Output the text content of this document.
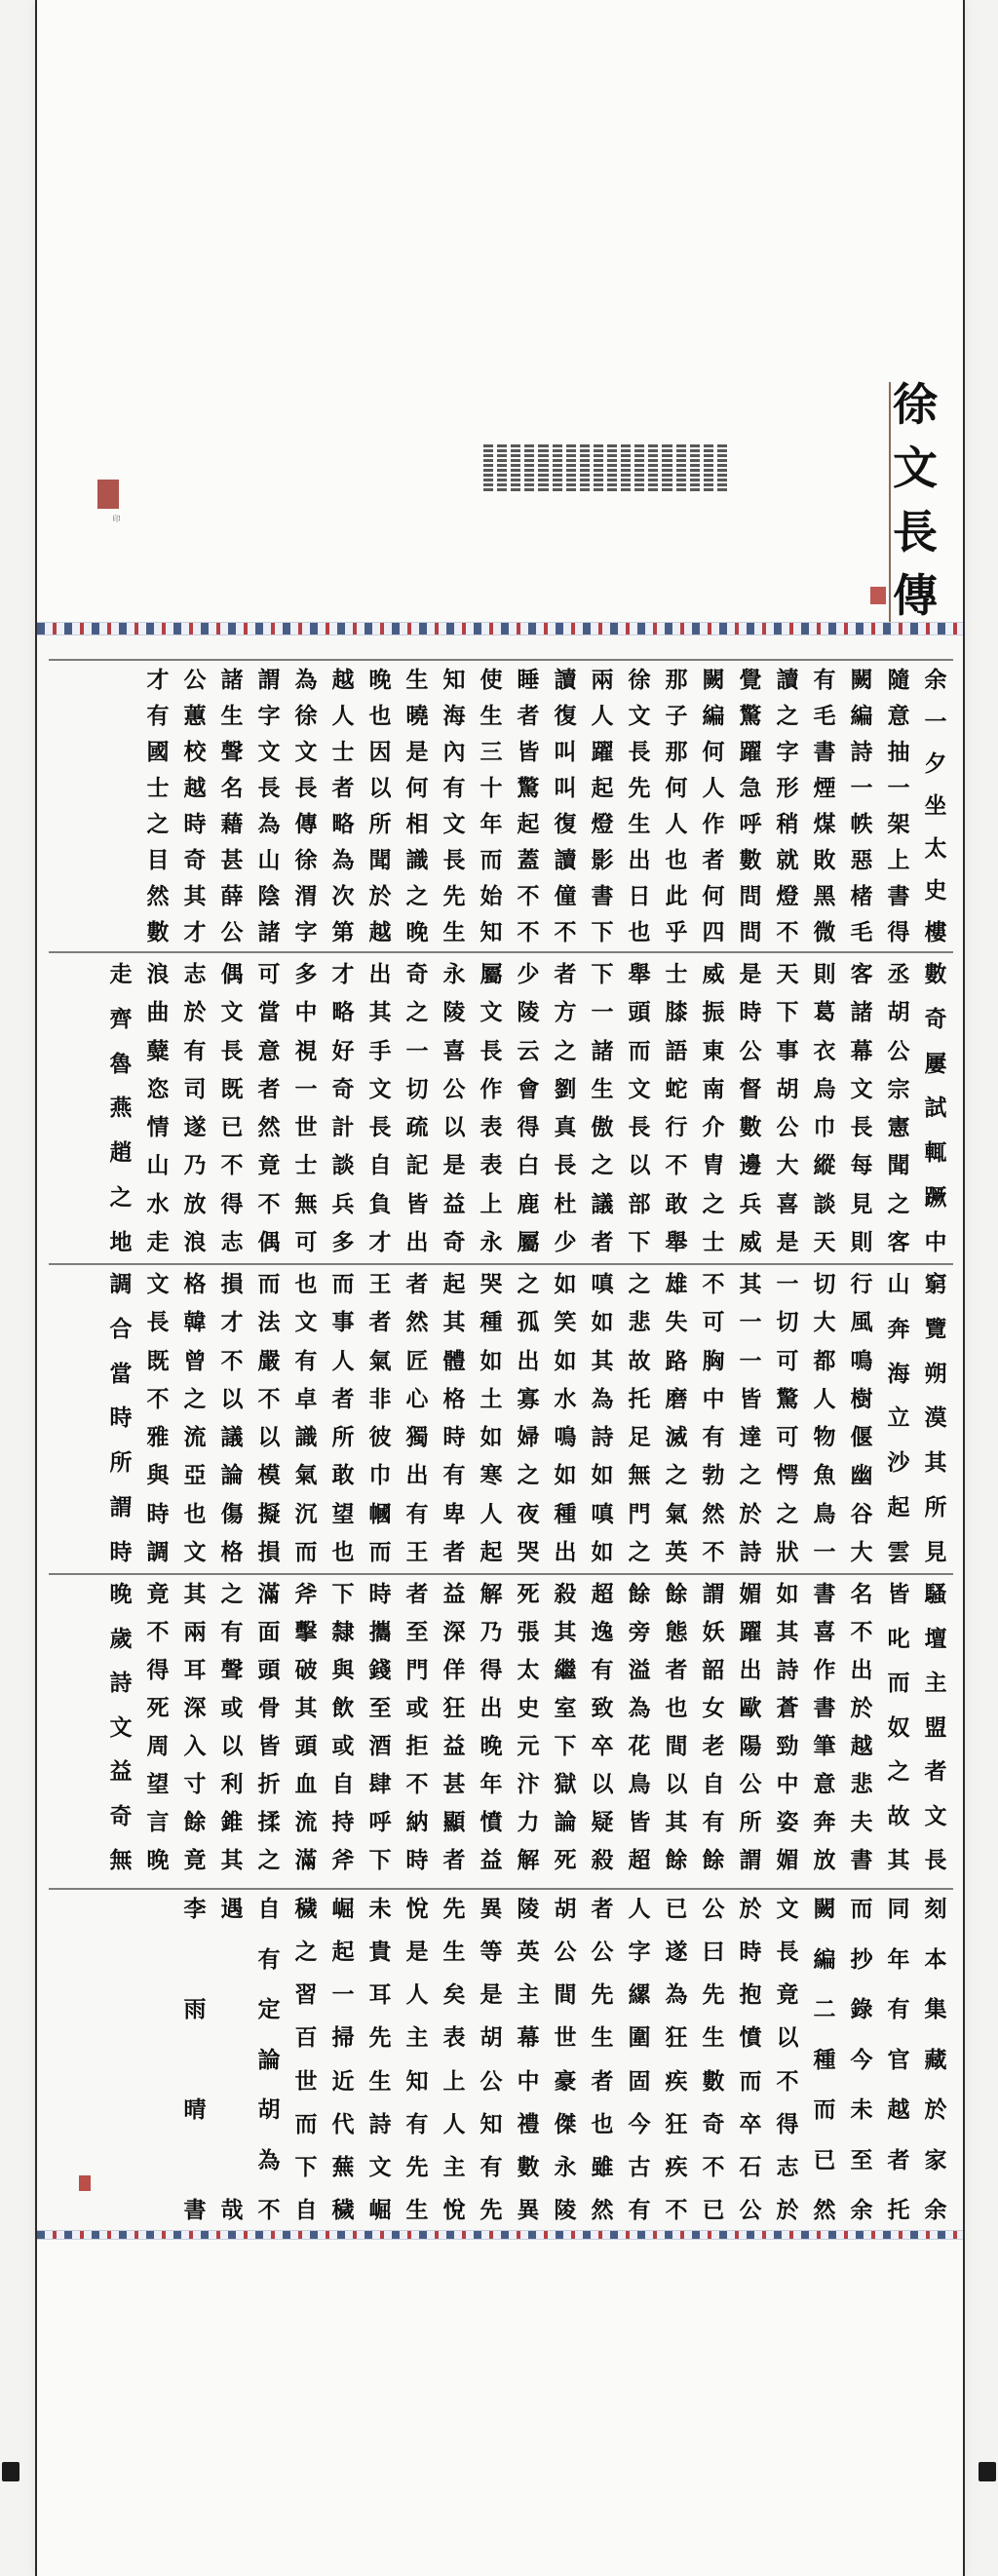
印
徐
文
長
傳
余
一
夕
坐
太
史
樓
隨
意
抽
一
架
上
書
得
闕
編
詩
一
帙
惡
楮
毛
有
毛
書
煙
煤
敗
黑
微
讀
之
字
形
稍
就
燈
不
覺
驚
躍
急
呼
數
問
問
闕
編
何
人
作
者
何
四
那
子
那
何
人
也
此
乎
徐
文
長
先
生
出
日
也
兩
人
躍
起
燈
影
書
下
讀
復
叫
叫
復
讀
僮
不
睡
者
皆
驚
起
蓋
不
不
使
生
三
十
年
而
始
知
知
海
內
有
文
長
先
生
生
曉
是
何
相
識
之
晚
晚
也
因
以
所
聞
於
越
越
人
士
者
略
為
次
第
為
徐
文
長
傳
徐
渭
字
謂
字
文
長
為
山
陰
諸
諸
生
聲
名
藉
甚
薛
公
公
蕙
校
越
時
奇
其
才
才
有
國
士
之
目
然
數
數
奇
屢
試
輒
蹶
中
丞
胡
公
宗
憲
聞
之
客
客
諸
幕
文
長
每
見
則
則
葛
衣
烏
巾
縱
談
天
天
下
事
胡
公
大
喜
是
是
時
公
督
數
邊
兵
威
威
振
東
南
介
胄
之
士
士
膝
語
蛇
行
不
敢
舉
舉
頭
而
文
長
以
部
下
下
一
諸
生
傲
之
議
者
者
方
之
劉
真
長
杜
少
少
陵
云
會
得
白
鹿
屬
屬
文
長
作
表
表
上
永
永
陵
喜
公
以
是
益
奇
奇
之
一
切
疏
記
皆
出
出
其
手
文
長
自
負
才
才
略
好
奇
計
談
兵
多
多
中
視
一
世
士
無
可
可
當
意
者
然
竟
不
偶
偶
文
長
既
已
不
得
志
志
於
有
司
遂
乃
放
浪
浪
曲
糵
恣
情
山
水
走
走
齊
魯
燕
趙
之
地
窮
覽
朔
漠
其
所
見
山
奔
海
立
沙
起
雲
行
風
鳴
樹
偃
幽
谷
大
切
大
都
人
物
魚
鳥
一
一
切
可
驚
可
愕
之
狀
其
一
一
皆
達
之
於
詩
不
可
胸
中
有
勃
然
不
雄
失
路
磨
滅
之
氣
英
之
悲
故
托
足
無
門
之
嗔
如
其
為
詩
如
嗔
如
如
笑
如
水
鳴
如
種
出
之
孤
出
寡
婦
之
夜
哭
哭
種
如
土
如
寒
人
起
起
其
體
格
時
有
卑
者
者
然
匠
心
獨
出
有
王
王
者
氣
非
彼
巾
幗
而
而
事
人
者
所
敢
望
也
也
文
有
卓
識
氣
沉
而
而
法
嚴
不
以
模
擬
損
損
才
不
以
議
論
傷
格
格
韓
曾
之
流
亞
也
文
文
長
既
不
雅
與
時
調
調
合
當
時
所
謂
時
騷
壇
主
盟
者
文
長
皆
叱
而
奴
之
故
其
名
不
出
於
越
悲
夫
書
書
喜
作
書
筆
意
奔
放
如
其
詩
蒼
勁
中
姿
媚
媚
躍
出
歐
陽
公
所
謂
謂
妖
韶
女
老
自
有
餘
餘
態
者
也
間
以
其
餘
餘
旁
溢
為
花
鳥
皆
超
超
逸
有
致
卒
以
疑
殺
殺
其
繼
室
下
獄
論
死
死
張
太
史
元
汴
力
解
解
乃
得
出
晚
年
憤
益
益
深
佯
狂
益
甚
顯
者
者
至
門
或
拒
不
納
時
時
攜
錢
至
酒
肆
呼
下
下
隸
與
飲
或
自
持
斧
斧
擊
破
其
頭
血
流
滿
滿
面
頭
骨
皆
折
揉
之
之
有
聲
或
以
利
錐
其
其
兩
耳
深
入
寸
餘
竟
竟
不
得
死
周
望
言
晚
晚
歲
詩
文
益
奇
無
刻
本
集
藏
於
家
余
同
年
有
官
越
者
托
而
抄
錄
今
未
至
余
闕
編
二
種
而
已
然
文
長
竟
以
不
得
志
於
於
時
抱
憤
而
卒
石
公
公
曰
先
生
數
奇
不
已
已
遂
為
狂
疾
狂
疾
不
人
字
縲
圍
固
今
古
有
者
公
先
生
者
也
雖
然
胡
公
間
世
豪
傑
永
陵
陵
英
主
幕
中
禮
數
異
異
等
是
胡
公
知
有
先
先
生
矣
表
上
人
主
悅
悅
是
人
主
知
有
先
生
未
貴
耳
先
生
詩
文
崛
崛
起
一
掃
近
代
蕪
穢
穢
之
習
百
世
而
下
自
自
有
定
論
胡
為
不
遇
哉
李
雨
晴
書
